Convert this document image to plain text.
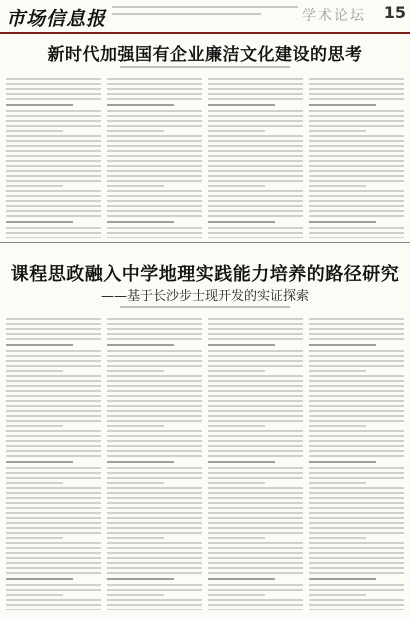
市场信息报	学术论坛 15
新时代加强国有企业廉洁文化建设的思考
课程思政融入中学地理实践能力培养的路径研究
——基于长沙步士现开发的实证探索
